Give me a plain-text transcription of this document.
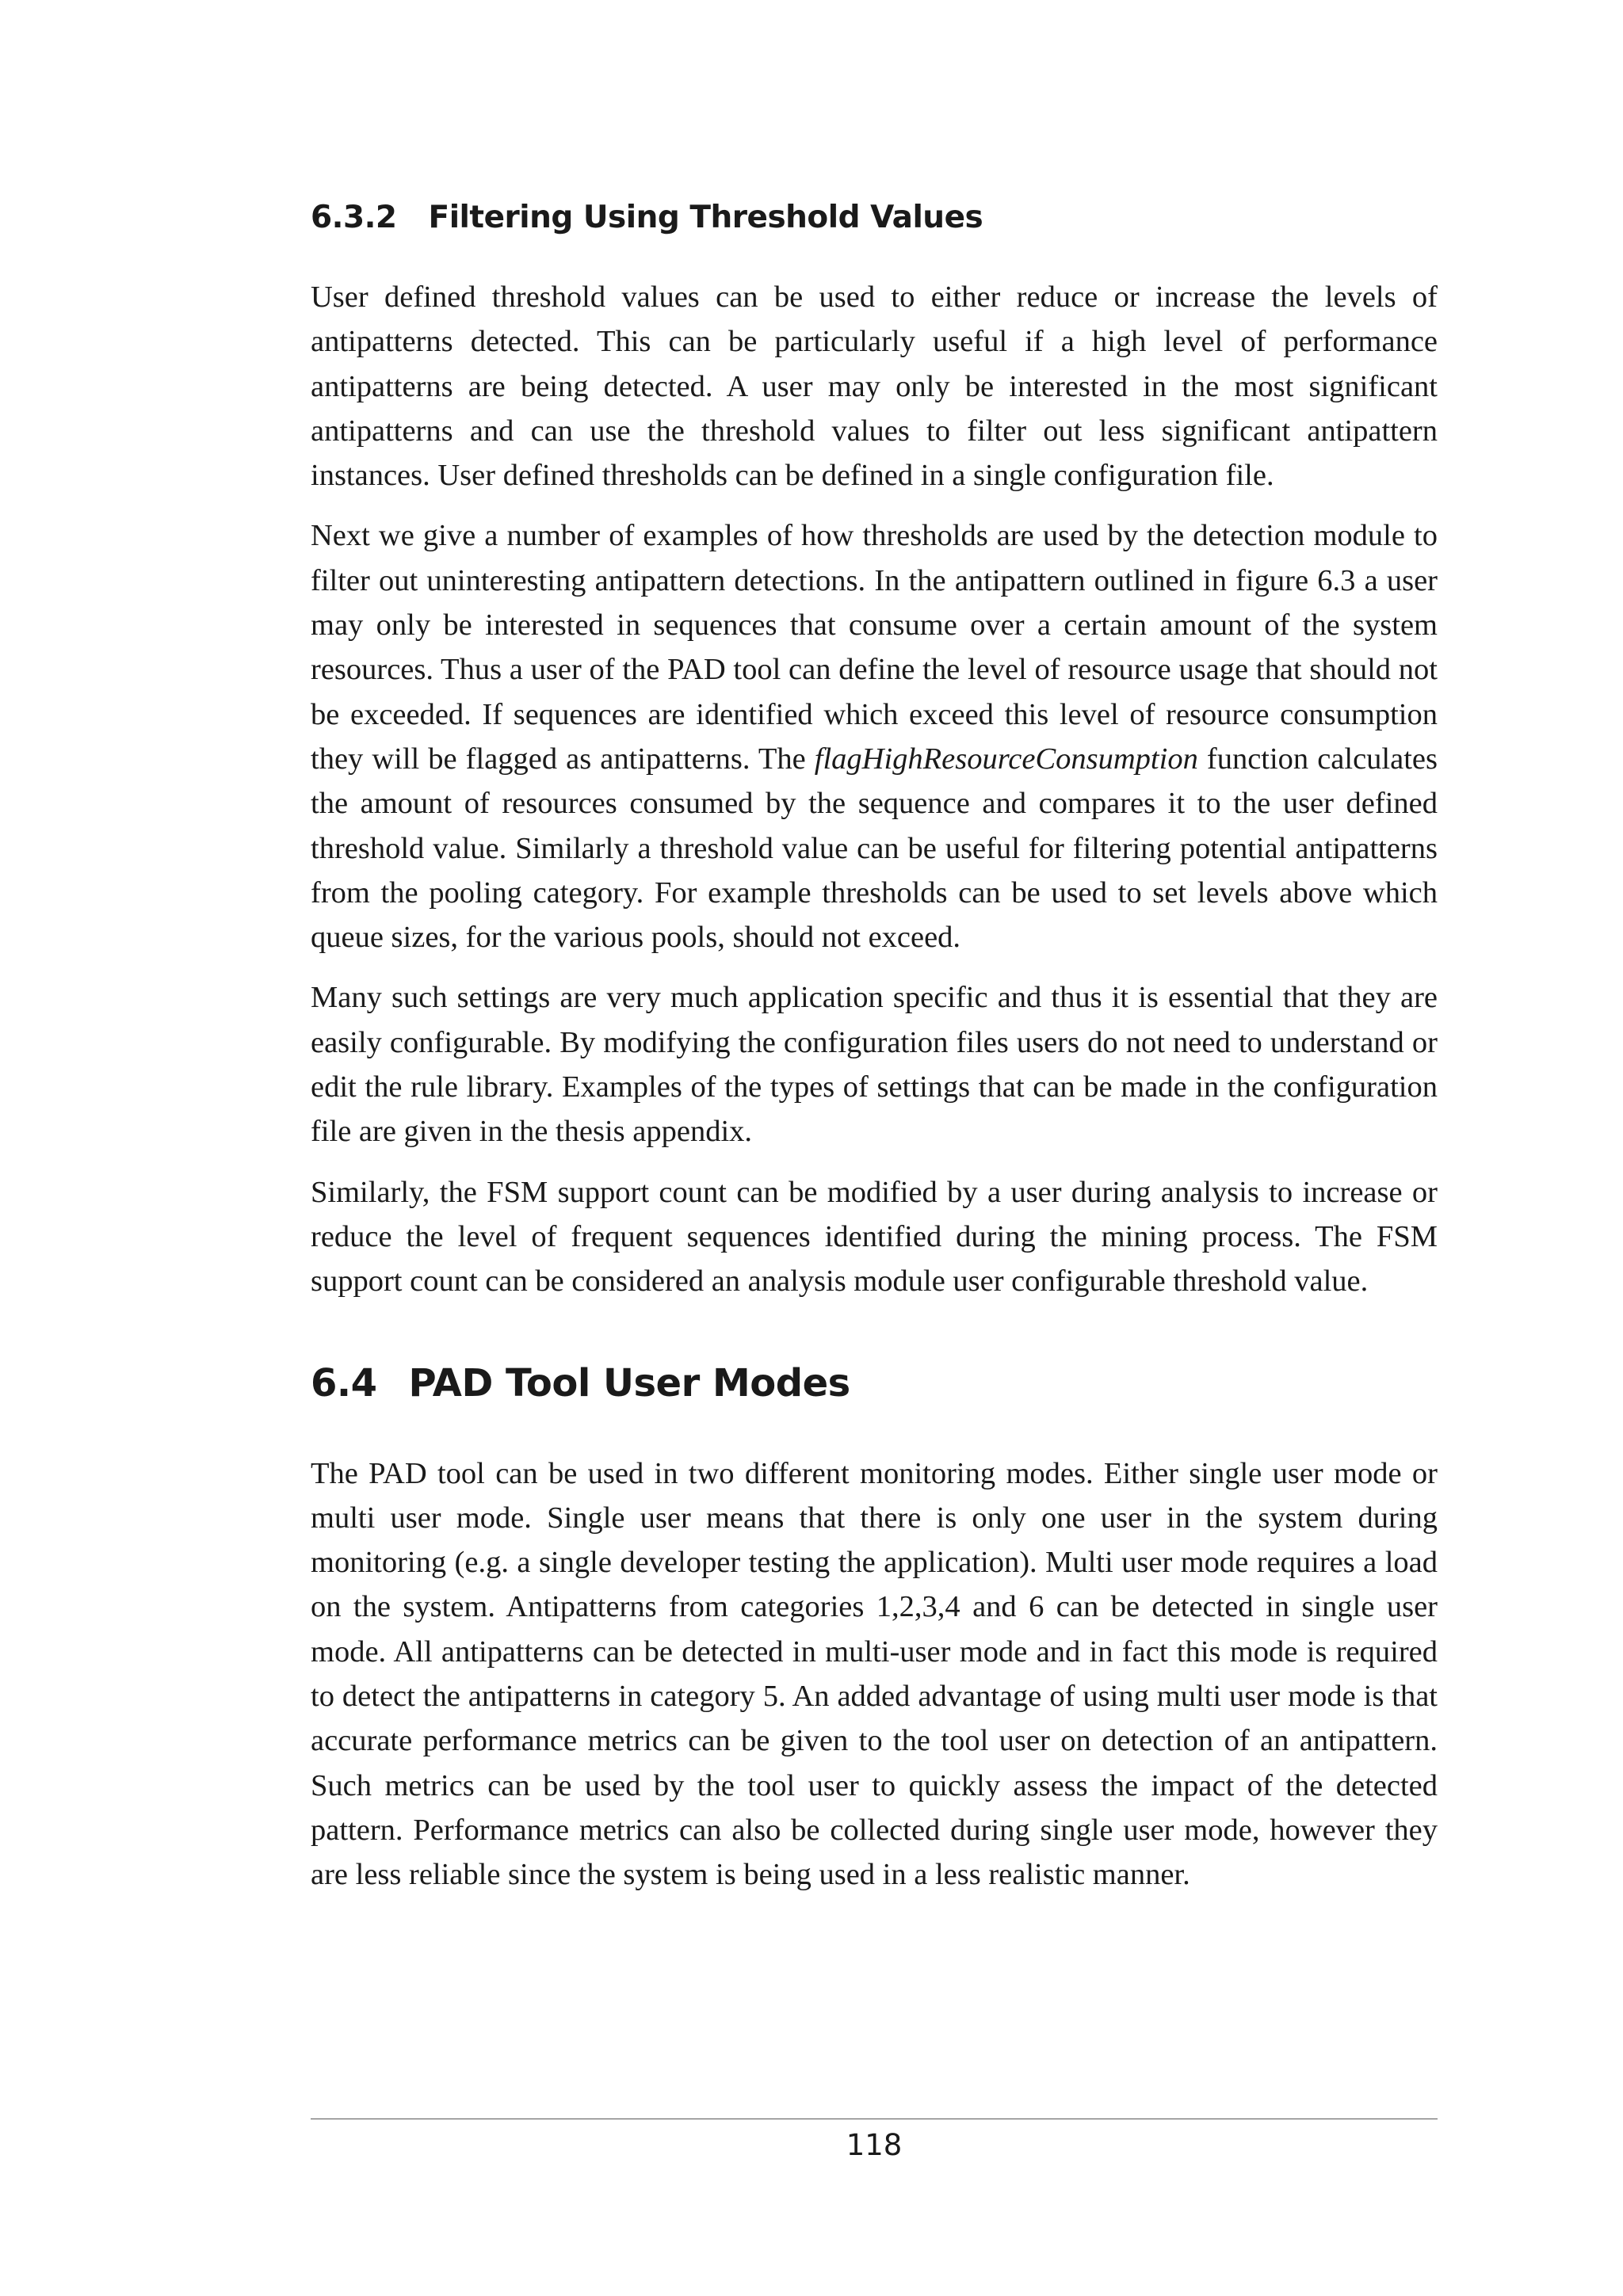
6.3.2 Filtering Using Threshold Values

User defined threshold values can be used to either reduce or increase the levels of antipatterns detected. This can be particularly useful if a high level of performance antipatterns are being detected. A user may only be interested in the most significant antipatterns and can use the threshold values to filter out less significant antipattern instances. User defined thresholds can be defined in a single configuration file.

Next we give a number of examples of how thresholds are used by the detection module to filter out uninteresting antipattern detections. In the antipattern outlined in figure 6.3 a user may only be interested in sequences that consume over a certain amount of the system resources. Thus a user of the PAD tool can define the level of resource usage that should not be exceeded. If sequences are identified which exceed this level of resource consumption they will be flagged as antipatterns. The flagHighResourceConsumption function calculates the amount of resources consumed by the sequence and compares it to the user defined threshold value. Similarly a threshold value can be useful for filtering potential antipatterns from the pooling category. For example thresholds can be used to set levels above which queue sizes, for the various pools, should not exceed.

Many such settings are very much application specific and thus it is essential that they are easily configurable. By modifying the configuration files users do not need to understand or edit the rule library. Examples of the types of settings that can be made in the configuration file are given in the thesis appendix.

Similarly, the FSM support count can be modified by a user during analysis to increase or reduce the level of frequent sequences identified during the mining process. The FSM support count can be considered an analysis module user configurable threshold value.

6.4 PAD Tool User Modes

The PAD tool can be used in two different monitoring modes. Either single user mode or multi user mode. Single user means that there is only one user in the system during monitoring (e.g. a single developer testing the application). Multi user mode requires a load on the system. Antipatterns from categories 1,2,3,4 and 6 can be detected in single user mode. All antipatterns can be detected in multi-user mode and in fact this mode is required to detect the antipatterns in category 5. An added advantage of using multi user mode is that accurate performance metrics can be given to the tool user on detection of an antipattern. Such metrics can be used by the tool user to quickly assess the impact of the detected pattern. Performance metrics can also be collected during single user mode, however they are less reliable since the system is being used in a less realistic manner.

118
